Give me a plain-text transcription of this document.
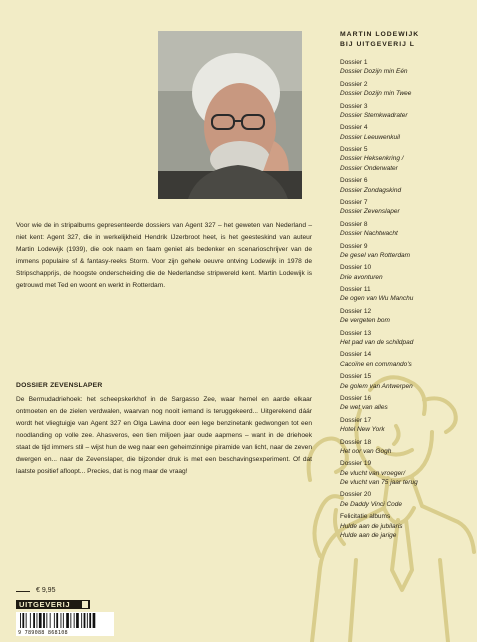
Voor wie de in stripalbums gepresenteerde dossiers van Agent 327 – het geweten van Nederland – niet kent: Agent 327, die in werkelijkheid Hendrik IJzerbroot heet, is het geesteskind van auteur Martin Lodewijk (1939), die ook naam en faam geniet als bedenker en scenarioschrijver van de immens populaire sf & fantasy-reeks Storm. Voor zijn gehele oeuvre ontving Lodewijk in 1978 de Stripschapprijs, de hoogste onderscheiding die de Nederlandse stripwereld kent. Martin Lodewijk is getrouwd met Ted en woont en werkt in Rotterdam.

DOSSIER ZEVENSLAPER

De Bermudadriehoek: het scheepskerkhof in de Sargasso Zee, waar hemel en aarde elkaar ontmoeten en de zielen verdwalen, waarvan nog nooit iemand is teruggekeerd... Uitgerekend dáár wordt het vliegtuigje van Agent 327 en Olga Lawina door een lege benzinetank gedwongen tot een noodlanding op volle zee. Ahasveros, een tien miljoen jaar oude aapmens – want in de driehoek staat de tijd immers stil – wijst hun de weg naar een geheimzinnige piramide van licht, naar de zeven dwergen en... naar de Zevenslaper, die bijzonder druk is met een beschavingsexperiment. Of dat laatste positief afloopt... Precies, dat is nog maar de vraag!

€ 9,95
UITGEVERIJ
9 789088 868108
MARTIN LODEWIJK
BIJ UITGEVERIJ L
Dossier 1
Dossier Dozijn min Eén
Dossier 2
Dossier Dozijn min Twee
Dossier 3
Dossier Stemkwadrater
Dossier 4
Dossier Leeuwenkuil
Dossier 5
Dossier Heksenkring /
Dossier Onderwater
Dossier 6
Dossier Zondagskind
Dossier 7
Dossier Zevenslaper
Dossier 8
Dossier Nachtwacht
Dossier 9
De gesel van Rotterdam
Dossier 10
Drie avonturen
Dossier 11
De ogen van Wu Manchu
Dossier 12
De vergeten bom
Dossier 13
Het pad van de schildpad
Dossier 14
Cacoïne en commando's
Dossier 15
De golem van Antwerpen
Dossier 16
De wet van alles
Dossier 17
Hotel New York
Dossier 18
Het oor van Gogh
Dossier 19
De vlucht van vroeger/
De vlucht van 75 jaar terug
Dossier 20
De Daddy Vinci Code
Felicitatie albums
Hulde aan de jubilaris
Hulde aan de jarige
